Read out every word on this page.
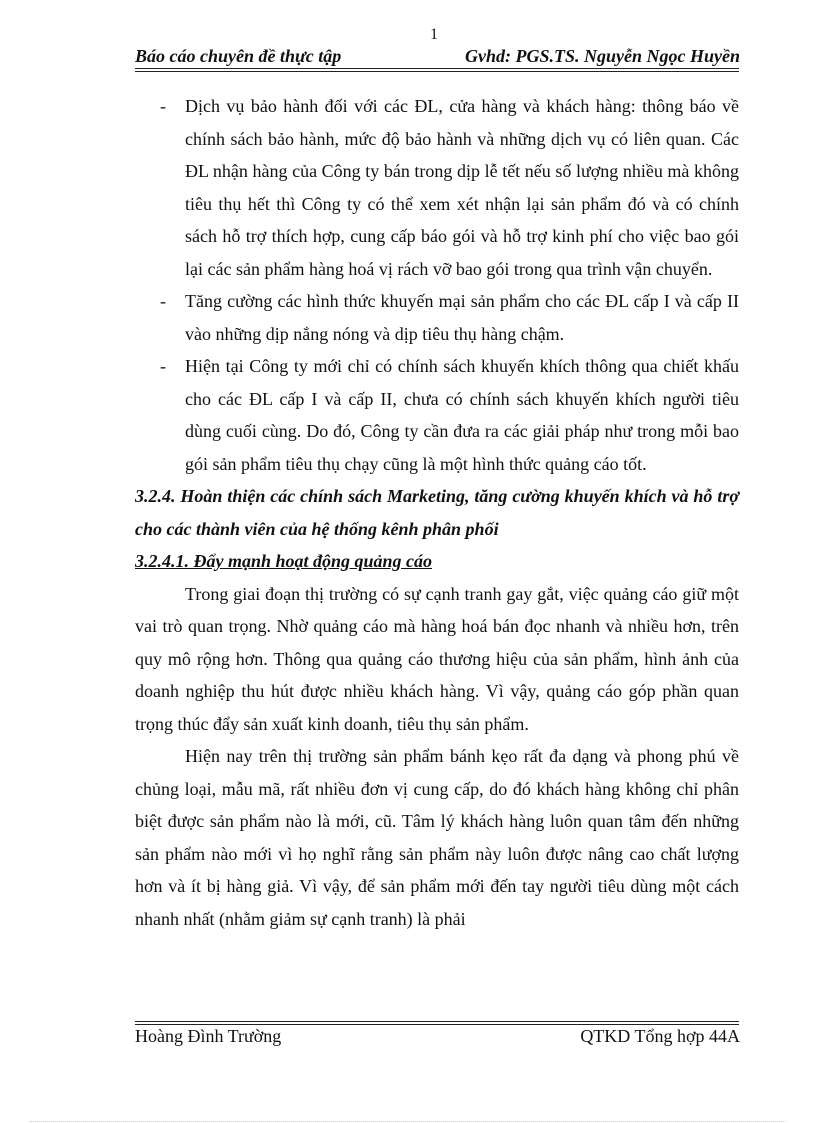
1
Báo cáo chuyên đề thực tập	Gvhd: PGS.TS. Nguyễn Ngọc Huyền
- Dịch vụ bảo hành đối với các ĐL, cửa hàng và khách hàng: thông báo về chính sách bảo hành, mức độ bảo hành và những dịch vụ có liên quan. Các ĐL nhận hàng của Công ty bán trong dịp lễ tết nếu số lượng nhiều mà không tiêu thụ hết thì Công ty có thể xem xét nhận lại sản phẩm đó và có chính sách hỗ trợ thích hợp, cung cấp báo gói và hỗ trợ kinh phí cho việc bao gói lại các sản phẩm hàng hoá vị rách vỡ bao gói trong qua trình vận chuyển.
- Tăng cường các hình thức khuyến mại sản phẩm cho các ĐL cấp I và cấp II vào những dịp nắng nóng và dịp tiêu thụ hàng chậm.
- Hiện tại Công ty mới chỉ có chính sách khuyến khích thông qua chiết khấu cho các ĐL cấp I và cấp II, chưa có chính sách khuyến khích người tiêu dùng cuối cùng. Do đó, Công ty cần đưa ra các giải pháp như trong mỗi bao gói sản phẩm tiêu thụ chạy cũng là một hình thức quảng cáo tốt.
3.2.4. Hoàn thiện các chính sách Marketing, tăng cường khuyến khích và hỗ trợ cho các thành viên của hệ thống kênh phân phối
3.2.4.1. Đẩy mạnh hoạt động quảng cáo
Trong giai đoạn thị trường có sự cạnh tranh gay gắt, việc quảng cáo giữ một vai trò quan trọng. Nhờ quảng cáo mà hàng hoá bán đọc nhanh và nhiều hơn, trên quy mô rộng hơn. Thông qua quảng cáo thương hiệu của sản phẩm, hình ảnh của doanh nghiệp thu hút được nhiều khách hàng. Vì vậy, quảng cáo góp phần quan trọng thúc đẩy sản xuất kinh doanh, tiêu thụ sản phẩm.
Hiện nay trên thị trường sản phẩm bánh kẹo rất đa dạng và phong phú về chủng loại, mẫu mã, rất nhiều đơn vị cung cấp, do đó khách hàng không chỉ phân biệt được sản phẩm nào là mới, cũ. Tâm lý khách hàng luôn quan tâm đến những sản phẩm nào mới vì họ nghĩ rằng sản phẩm này luôn được nâng cao chất lượng hơn và ít bị hàng giả. Vì vậy, để sản phẩm mới đến tay người tiêu dùng một cách nhanh nhất (nhằm giảm sự cạnh tranh) là phải
Hoàng Đình Trường	QTKD Tổng hợp 44A
